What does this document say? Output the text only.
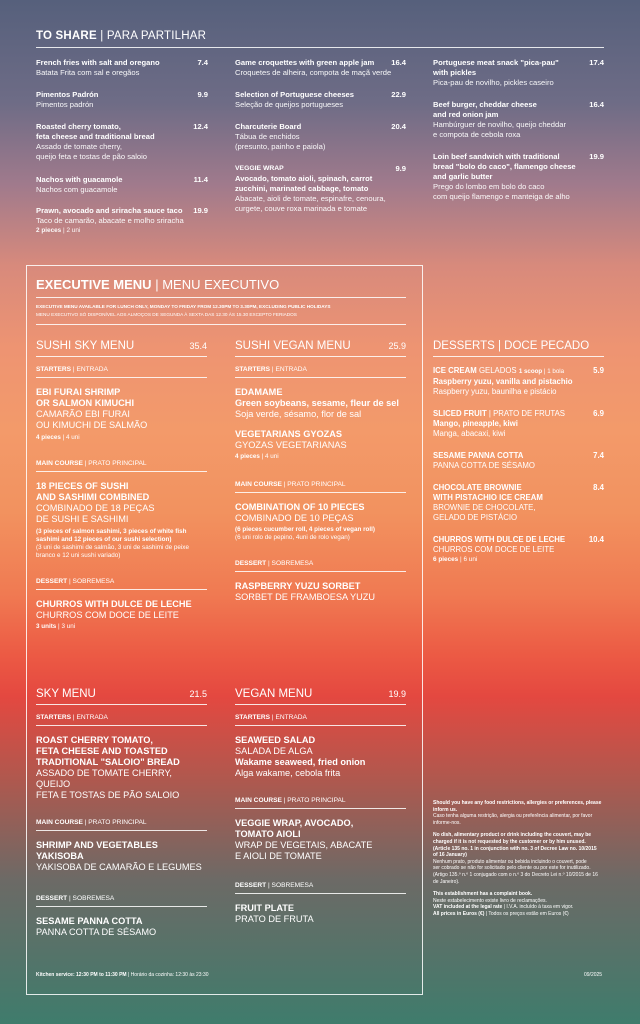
TO SHARE | PARA PARTILHAR
French fries with salt and oregano
Batata Frita com sal e oregãos
7.4
Pimentos Padrón
Pimentos padrón
9.9
Roasted cherry tomato,
feta cheese and traditional bread
Assado de tomate cherry,
queijo feta e tostas de pão saloio
12.4
Nachos with guacamole
Nachos com guacamole
11.4
Prawn, avocado and sriracha sauce taco
Taco de camarão, abacate e molho sriracha
2 pieces | 2 uni
19.9
Game croquettes with green apple jam
Croquetes de alheira, compota de maçã verde
16.4
Selection of Portuguese cheeses
Seleção de queijos portugueses
22.9
Charcuterie Board
Tábua de enchidos
(presunto, painho e paiola)
20.4
VEGGIE WRAP
Avocado, tomato aioli, spinach, carrot
zucchini, marinated cabbage, tomato
Abacate, aioli de tomate, espinafre, cenoura,
curgete, couve roxa marinada e tomate
9.9
Portuguese meat snack "pica-pau"
with pickles
Pica-pau de novilho, pickles caseiro
17.4
Beef burger, cheddar cheese
and red onion jam
Hambúrguer de novilho, queijo cheddar
e compota de cebola roxa
16.4
Loin beef sandwich with traditional
bread "bolo do caco", flamengo cheese
and garlic butter
Prego do lombo em bolo do caco
com queijo flamengo e manteiga de alho
19.9
EXECUTIVE MENU | MENU EXECUTIVO
EXECUTIVE MENU AVAILABLE FOR LUNCH ONLY, MONDAY TO FRIDAY FROM 12.30PM TO 3.30PM, EXCLUDING PUBLIC HOLIDAYS
MENU EXECUTIVO SÓ DISPONÍVEL AOS ALMOÇOS DE SEGUNDA À SEXTA DAS 12.30 ÀS 15.30 EXCEPTO FERIADOS
SUSHI SKY MENU	35.4
STARTERS | ENTRADA
EBI FURAI SHRIMP
OR SALMON KIMUCHI
CAMARÃO EBI FURAI
OU KIMUCHI DE SALMÃO
4 pieces | 4 uni
MAIN COURSE | PRATO PRINCIPAL
18 PIECES OF SUSHI
AND SASHIMI COMBINED
COMBINADO DE 18 PEÇAS
DE SUSHI E SASHIMI
(3 pieces of salmon sashimi, 3 pieces of white fish
sashimi and 12 pieces of our sushi selection)
(3 uni de sashimi de salmão, 3 uni de sashimi de peixe
branco e 12 uni sushi variado)
DESSERT | SOBREMESA
CHURROS WITH DULCE DE LECHE
CHURROS COM DOCE DE LEITE
3 units | 3 uni
SUSHI VEGAN MENU	25.9
STARTERS | ENTRADA
EDAMAME
Green soybeans, sesame, fleur de sel
Soja verde, sésamo, flor de sal
VEGETARIANS GYOZAS
GYOZAS VEGETARIANAS
4 pieces | 4 uni
MAIN COURSE | PRATO PRINCIPAL
COMBINATION OF 10 PIECES
COMBINADO DE 10 PEÇAS
(6 pieces cucumber roll, 4 pieces of vegan roll)
(6 uni rolo de pepino, 4uni de rolo vegan)
DESSERT | SOBREMESA
RASPBERRY YUZU SORBET
SORBET DE FRAMBOESA YUZU
SKY MENU	21.5
STARTERS | ENTRADA
ROAST CHERRY TOMATO,
FETA CHEESE AND TOASTED
TRADITIONAL "SALOIO" BREAD
ASSADO DE TOMATE CHERRY, QUEIJO
FETA E TOSTAS DE PÃO SALOIO
MAIN COURSE | PRATO PRINCIPAL
SHRIMP AND VEGETABLES YAKISOBA
YAKISOBA DE CAMARÃO E LEGUMES
DESSERT | SOBREMESA
SESAME PANNA COTTA
PANNA COTTA DE SÉSAMO
VEGAN MENU	19.9
STARTERS | ENTRADA
SEAWEED SALAD
SALADA DE ALGA
Wakame seaweed, fried onion
Alga wakame, cebola frita
MAIN COURSE | PRATO PRINCIPAL
VEGGIE WRAP, AVOCADO,
TOMATO AIOLI
WRAP DE VEGETAIS, ABACATE
E AIOLI DE TOMATE
DESSERT | SOBREMESA
FRUIT PLATE
PRATO DE FRUTA
DESSERTS | DOCE PECADO
ICE CREAM GELADOS 1 scoop | 1 bola
Raspberry yuzu, vanilla and pistachio
Raspberry yuzu, baunilha e pistácio
5.9
SLICED FRUIT | PRATO DE FRUTAS
Mango, pineapple, kiwi
Manga, abacaxi, kiwi
6.9
SESAME PANNA COTTA
PANNA COTTA DE SÉSAMO
7.4
CHOCOLATE BROWNIE
WITH PISTACHIO ICE CREAM
BROWNIE DE CHOCOLATE,
GELADO DE PISTÁCIO
8.4
CHURROS WITH DULCE DE LECHE
CHURROS COM DOCE DE LEITE
6 pieces | 6 uni
10.4
Should you have any food restrictions, allergies or preferences, please
inform us.
Caso tenha alguma restrição, alergia ou preferência alimentar, por favor
informe-nos.
No dish, alimentary product or drink including the couvert, may be
charged if it is not requested by the customer or by him unused.
(Article 135 no. 1 in conjunction with no. 3 of Decree Law no. 10/2015
of 16 January)
Nenhum prato, produto alimentar ou bebida incluindo o couvert, pode
ser cobrado se não for solicitado pelo cliente ou por este for inutilizado.
(Artigo 135.º n.º 1 conjugado com o n.º 3 do Decreto Lei n.º 10/2015 de 16
de Janeiro).
This establishment has a complaint book.
Neste estabelecimento existe livro de reclamações.
VAT included at the legal rate | I.V.A. incluído à taxa em vigor.
All prices in Euros (€) | Todos os preços estão em Euros (€)
Kitchen service: 12:30 PM to 11:30 PM | Horário da cozinha: 12:30 às 23:30	09/2025
